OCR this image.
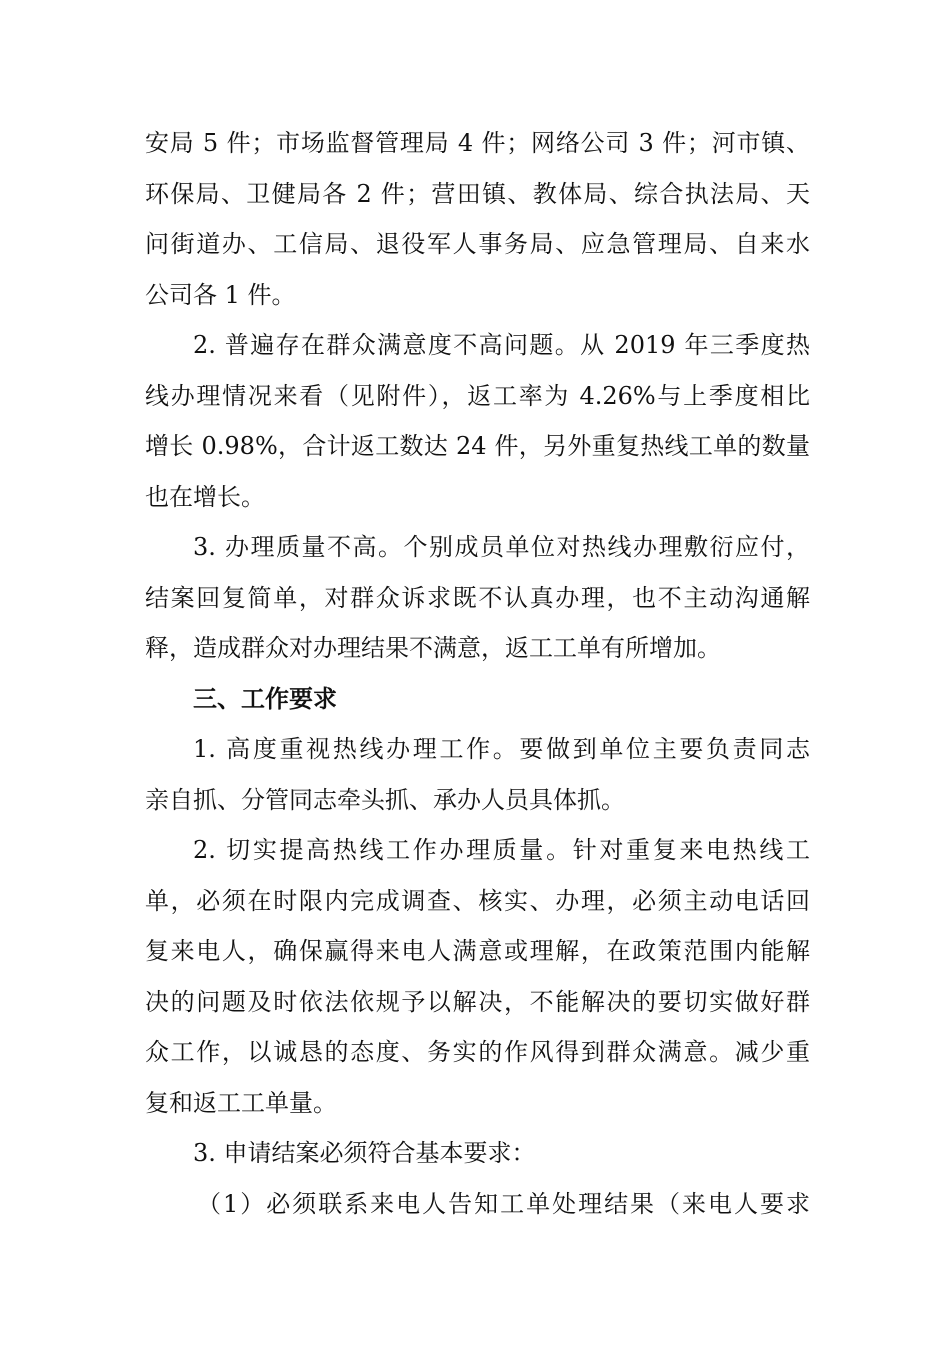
安局 5 件；市场监督管理局 4 件；网络公司 3 件；河市镇、
环保局、卫健局各 2 件；营田镇、教体局、综合执法局、天
问街道办、工信局、退役军人事务局、应急管理局、自来水
公司各 1 件。
2. 普遍存在群众满意度不高问题。从 2019 年三季度热
线办理情况来看（见附件），返工率为 4.26%与上季度相比
增长 0.98%，合计返工数达 24 件，另外重复热线工单的数量
也在增长。
3. 办理质量不高。个别成员单位对热线办理敷衍应付，
结案回复简单，对群众诉求既不认真办理，也不主动沟通解
释，造成群众对办理结果不满意，返工工单有所增加。
三、工作要求
1. 高度重视热线办理工作。要做到单位主要负责同志
亲自抓、分管同志牵头抓、承办人员具体抓。
2. 切实提高热线工作办理质量。针对重复来电热线工
单，必须在时限内完成调查、核实、办理，必须主动电话回
复来电人，确保赢得来电人满意或理解，在政策范围内能解
决的问题及时依法依规予以解决，不能解决的要切实做好群
众工作，以诚恳的态度、务实的作风得到群众满意。减少重
复和返工工单量。
3. 申请结案必须符合基本要求：
（1）必须联系来电人告知工单处理结果（来电人要求
